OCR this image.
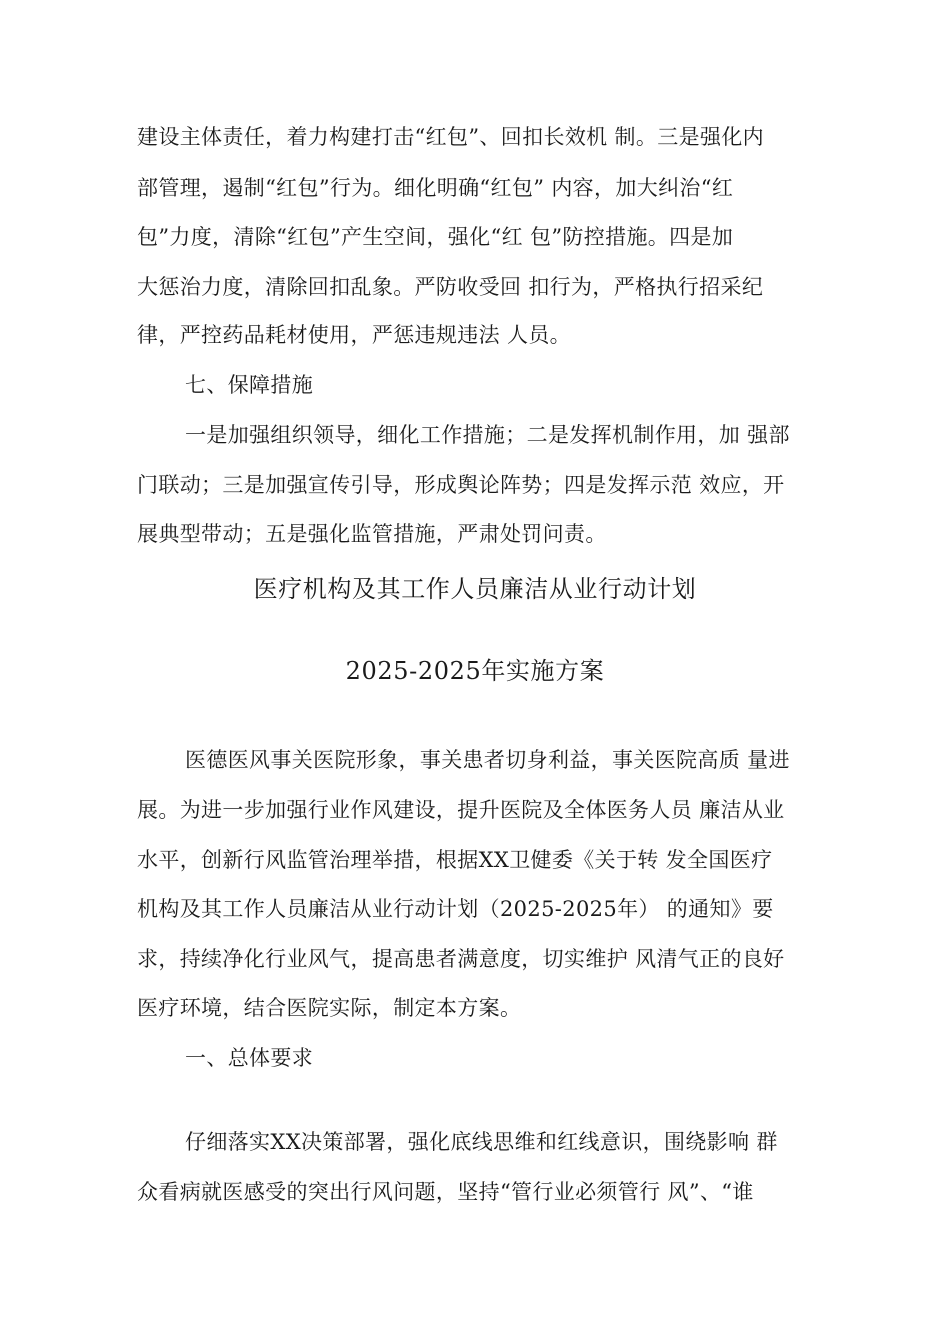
建设主体责任，着力构建打击“红包”、回扣长效机 制。三是强化内
部管理，遏制“红包”行为。细化明确“红包” 内容，加大纠治“红
包”力度，清除“红包”产生空间，强化“红 包”防控措施。四是加
大惩治力度，清除回扣乱象。严防收受回 扣行为，严格执行招采纪
律，严控药品耗材使用，严惩违规违法 人员。
七、保障措施
一是加强组织领导，细化工作措施；二是发挥机制作用，加 强部
门联动；三是加强宣传引导，形成舆论阵势；四是发挥示范 效应，开
展典型带动；五是强化监管措施，严肃处罚问责。
医疗机构及其工作人员廉洁从业行动计划
2025-2025年实施方案
医德医风事关医院形象，事关患者切身利益，事关医院高质 量进
展。为进一步加强行业作风建设，提升医院及全体医务人员 廉洁从业
水平，创新行风监管治理举措，根据XX卫健委《关于转 发全国医疗
机构及其工作人员廉洁从业行动计划（2025-2025年） 的通知》要
求，持续净化行业风气，提高患者满意度，切实维护 风清气正的良好
医疗环境，结合医院实际，制定本方案。
一、总体要求
仔细落实XX决策部署，强化底线思维和红线意识，围绕影响 群
众看病就医感受的突出行风问题，坚持“管行业必须管行 风”、“谁
